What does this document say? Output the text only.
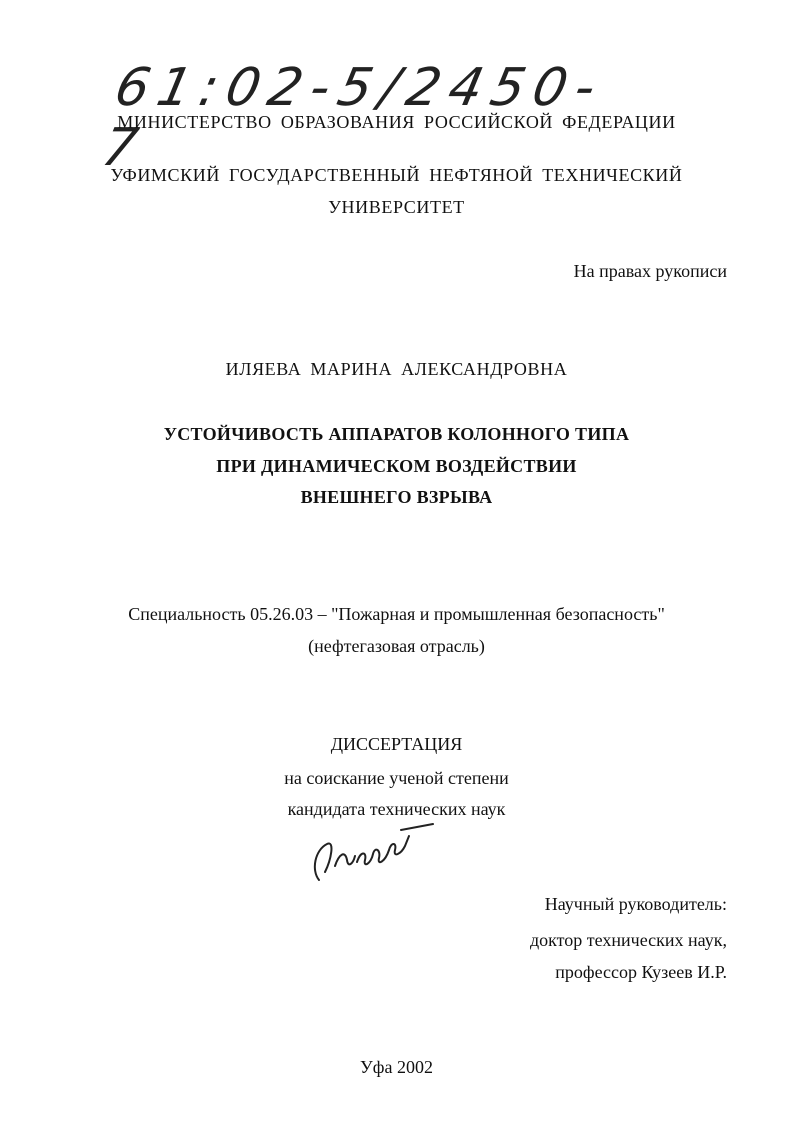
61:02-5/2450-7
МИНИСТЕРСТВО ОБРАЗОВАНИЯ РОССИЙСКОЙ ФЕДЕРАЦИИ
УФИМСКИЙ ГОСУДАРСТВЕННЫЙ НЕФТЯНОЙ ТЕХНИЧЕСКИЙ
УНИВЕРСИТЕТ
На правах рукописи
ИЛЯЕВА МАРИНА АЛЕКСАНДРОВНА
УСТОЙЧИВОСТЬ АППАРАТОВ КОЛОННОГО ТИПА
ПРИ ДИНАМИЧЕСКОМ ВОЗДЕЙСТВИИ
ВНЕШНЕГО ВЗРЫВА
Специальность 05.26.03 – "Пожарная и промышленная безопасность"
(нефтегазовая отрасль)
ДИССЕРТАЦИЯ
на соискание ученой степени
кандидата технических наук
Научный руководитель:
доктор технических наук,
профессор Кузеев И.Р.
Уфа 2002
